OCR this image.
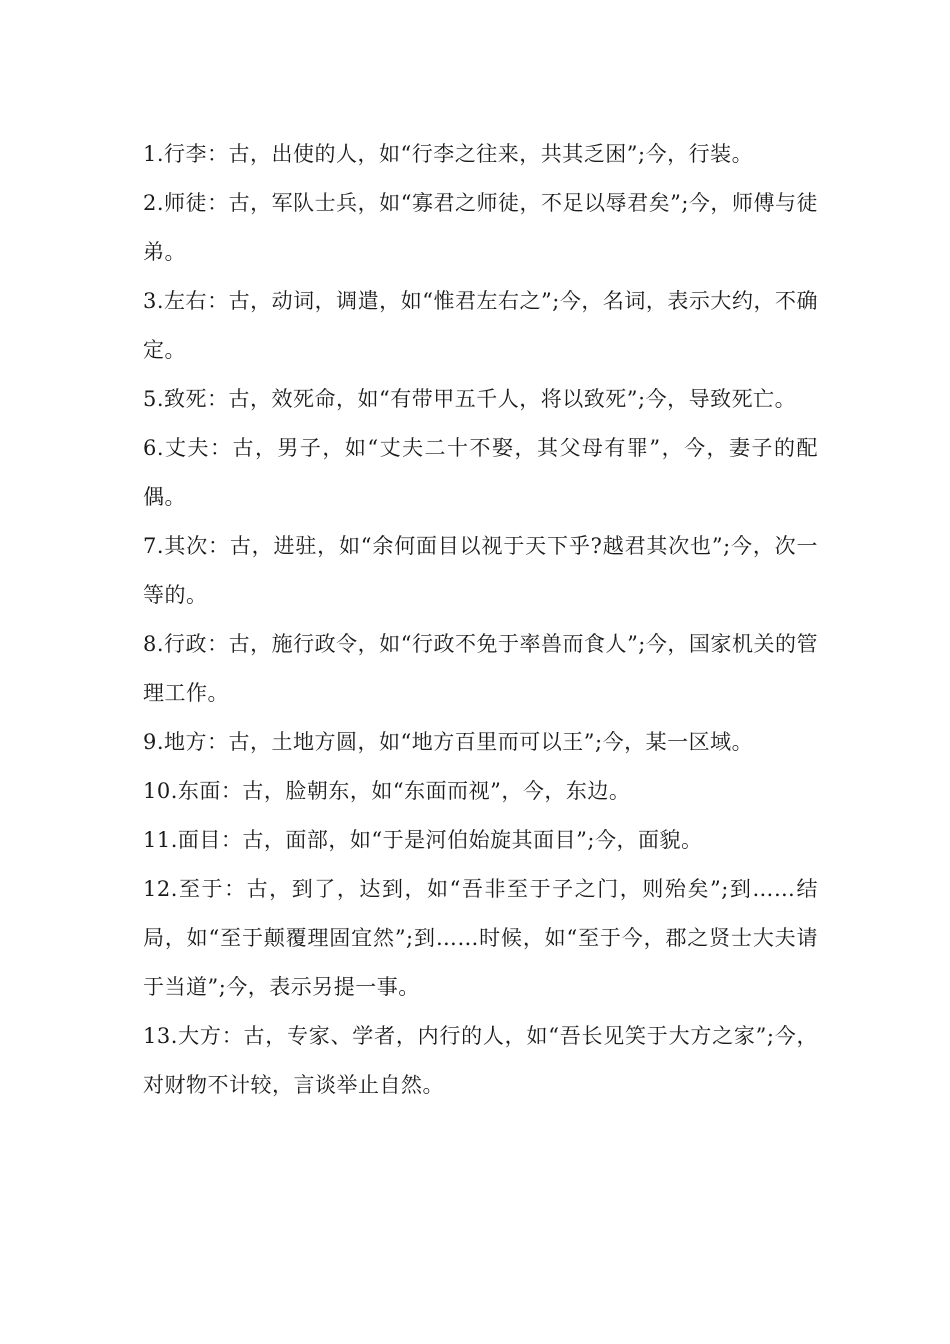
1.行李：古，出使的人，如“行李之往来，共其乏困”;今，行装。

2.师徒：古，军队士兵，如“寡君之师徒，不足以辱君矣”;今，师傅与徒弟。

3.左右：古，动词，调遣，如“惟君左右之”;今，名词，表示大约，不确定。

5.致死：古，效死命，如“有带甲五千人，将以致死”;今，导致死亡。

6.丈夫：古，男子，如“丈夫二十不娶，其父母有罪”，今，妻子的配偶。

7.其次：古，进驻，如“余何面目以视于天下乎?越君其次也”;今，次一等的。

8.行政：古，施行政令，如“行政不免于率兽而食人”;今，国家机关的管理工作。

9.地方：古，土地方圆，如“地方百里而可以王”;今，某一区域。

10.东面：古，脸朝东，如“东面而视”，今，东边。

11.面目：古，面部，如“于是河伯始旋其面目”;今，面貌。

12.至于：古，到了，达到，如“吾非至于子之门，则殆矣”;到……结局，如“至于颠覆理固宜然”;到……时候，如“至于今，郡之贤士大夫请于当道”;今，表示另提一事。

13.大方：古，专家、学者，内行的人，如“吾长见笑于大方之家”;今，对财物不计较，言谈举止自然。
